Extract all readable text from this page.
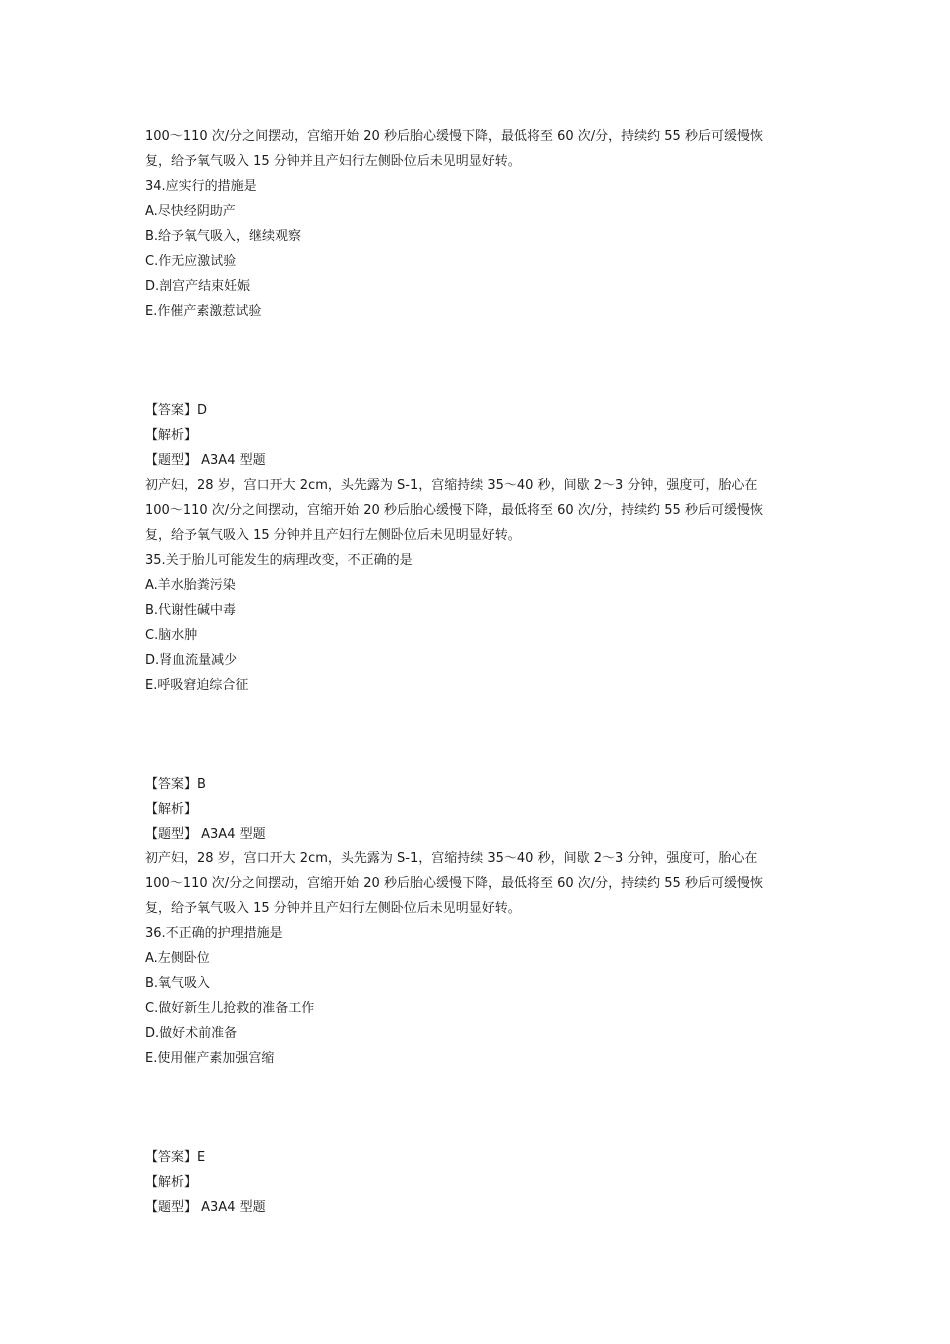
100～110 次/分之间摆动，宫缩开始 20 秒后胎心缓慢下降，最低将至 60 次/分，持续约 55 秒后可缓慢恢
复，给予氧气吸入 15 分钟并且产妇行左侧卧位后未见明显好转。
34.应实行的措施是
A.尽快经阴助产
B.给予氧气吸入，继续观察
C.作无应激试验
D.剖宫产结束妊娠
E.作催产素激惹试验
【答案】D
【解析】
【题型】 A3A4 型题
初产妇，28 岁，宫口开大 2cm，头先露为 S-1，宫缩持续 35～40 秒，间歇 2～3 分钟，强度可，胎心在
100～110 次/分之间摆动，宫缩开始 20 秒后胎心缓慢下降，最低将至 60 次/分，持续约 55 秒后可缓慢恢
复，给予氧气吸入 15 分钟并且产妇行左侧卧位后未见明显好转。
35.关于胎儿可能发生的病理改变，不正确的是
A.羊水胎粪污染
B.代谢性碱中毒
C.脑水肿
D.肾血流量减少
E.呼吸窘迫综合征
【答案】B
【解析】
【题型】 A3A4 型题
初产妇，28 岁，宫口开大 2cm，头先露为 S-1，宫缩持续 35～40 秒，间歇 2～3 分钟，强度可，胎心在
100～110 次/分之间摆动，宫缩开始 20 秒后胎心缓慢下降，最低将至 60 次/分，持续约 55 秒后可缓慢恢
复，给予氧气吸入 15 分钟并且产妇行左侧卧位后未见明显好转。
36.不正确的护理措施是
A.左侧卧位
B.氧气吸入
C.做好新生儿抢救的准备工作
D.做好术前准备
E.使用催产素加强宫缩
【答案】E
【解析】
【题型】 A3A4 型题
